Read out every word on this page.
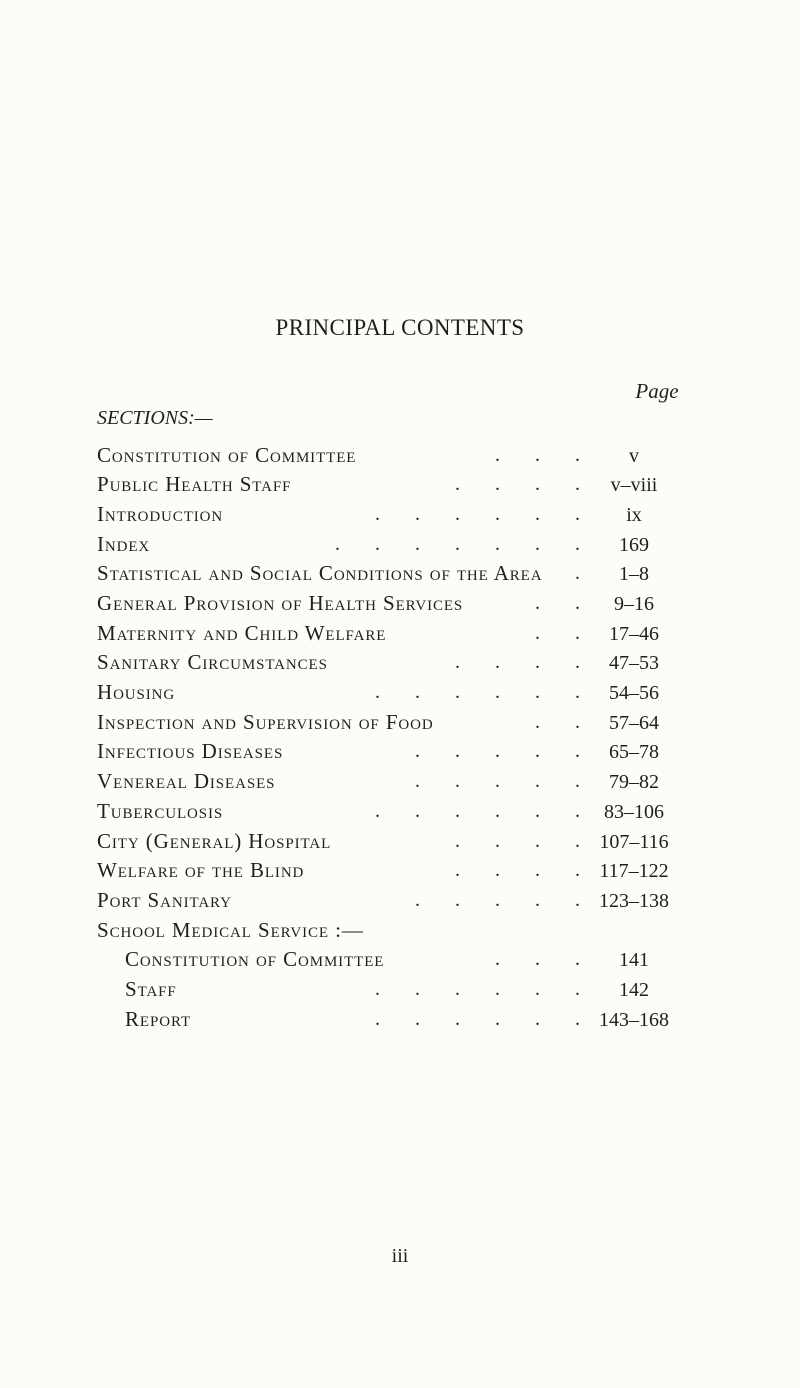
PRINCIPAL CONTENTS
Page
SECTIONS:—
Constitution of Committee	.       .       .	v
Public Health Staff	.       .       .       .	v–viii
Introduction	.       .       .       .       .       .	ix
Index	.       .       .       .       .       .       .	169
Statistical and Social Conditions of the Area .	1–8
General Provision of Health Services	.       .	9–16
Maternity and Child Welfare	.       .	17–46
Sanitary Circumstances	.       .       .       .	47–53
Housing	.       .       .       .       .       .	54–56
Inspection and Supervision of Food	.       .	57–64
Infectious Diseases	.       .       .       .       .	65–78
Venereal Diseases	.       .       .       .       .	79–82
Tuberculosis	.       .       .       .       .       .	83–106
City (General) Hospital	.       .       .       . 107–116
Welfare of the Blind	.       .       .       . 117–122
Port Sanitary	.       .       .       .       . 123–138
School Medical Service :—
Constitution of Committee	.       .       .	141
Staff	.       .       .       .       .       .	142
Report	.       .       .       .       .       . 143–168
iii
